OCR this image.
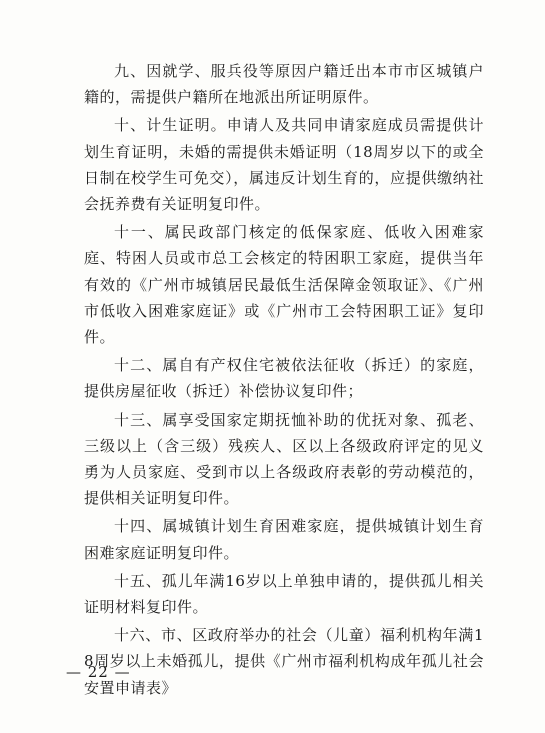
九、因就学、服兵役等原因户籍迁出本市市区城镇户籍的，需提供户籍所在地派出所证明原件。

十、计生证明。申请人及共同申请家庭成员需提供计划生育证明，未婚的需提供未婚证明（18周岁以下的或全日制在校学生可免交），属违反计划生育的，应提供缴纳社会抚养费有关证明复印件。

十一、属民政部门核定的低保家庭、低收入困难家庭、特困人员或市总工会核定的特困职工家庭，提供当年有效的《广州市城镇居民最低生活保障金领取证》、《广州市低收入困难家庭证》或《广州市工会特困职工证》复印件。

十二、属自有产权住宅被依法征收（拆迁）的家庭，提供房屋征收（拆迁）补偿协议复印件；

十三、属享受国家定期抚恤补助的优抚对象、孤老、三级以上（含三级）残疾人、区以上各级政府评定的见义勇为人员家庭、受到市以上各级政府表彰的劳动模范的，提供相关证明复印件。

十四、属城镇计划生育困难家庭，提供城镇计划生育困难家庭证明复印件。

十五、孤儿年满16岁以上单独申请的，提供孤儿相关证明材料复印件。

十六、市、区政府举办的社会（儿童）福利机构年满18周岁以上未婚孤儿，提供《广州市福利机构成年孤儿社会安置申请表》

— 22 —
